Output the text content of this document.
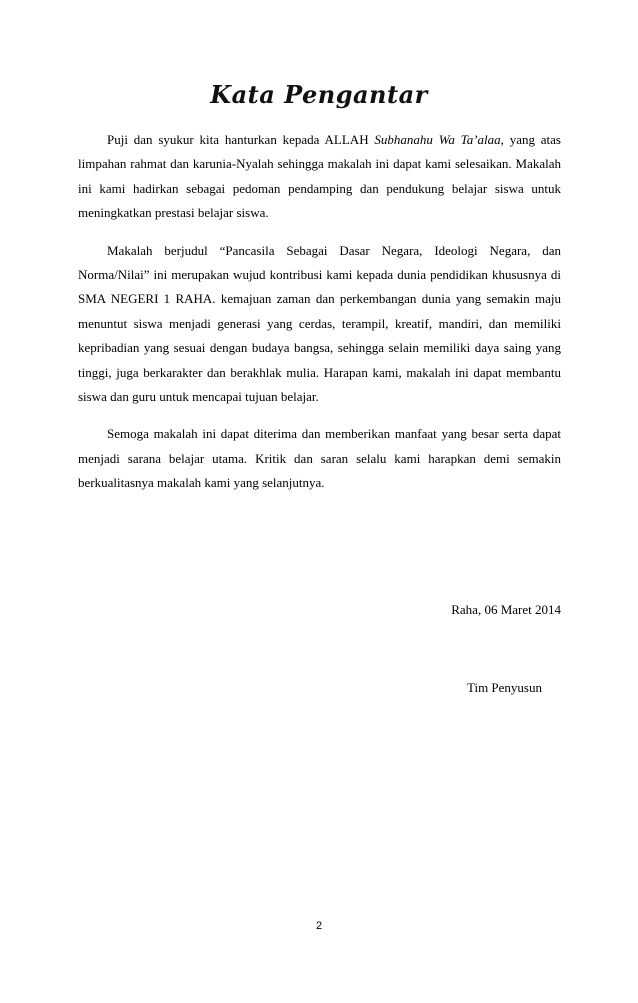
Kata Pengantar

Puji dan syukur kita hanturkan kepada ALLAH Subhanahu Wa Ta’alaa, yang atas limpahan rahmat dan karunia-Nyalah sehingga makalah ini dapat kami selesaikan. Makalah ini kami hadirkan sebagai pedoman pendamping dan pendukung belajar siswa untuk meningkatkan prestasi belajar siswa.

Makalah berjudul “Pancasila Sebagai Dasar Negara, Ideologi Negara, dan Norma/Nilai” ini merupakan wujud kontribusi kami kepada dunia pendidikan khususnya di SMA NEGERI 1 RAHA. kemajuan zaman dan perkembangan dunia yang semakin maju menuntut siswa menjadi generasi yang cerdas, terampil, kreatif, mandiri, dan memiliki kepribadian yang sesuai dengan budaya bangsa, sehingga selain memiliki daya saing yang tinggi, juga berkarakter dan berakhlak mulia. Harapan kami, makalah ini dapat membantu siswa dan guru untuk mencapai tujuan belajar.

Semoga makalah ini dapat diterima dan memberikan manfaat yang besar serta dapat menjadi sarana belajar utama. Kritik dan saran selalu kami harapkan demi semakin berkualitasnya makalah kami yang selanjutnya.

Raha, 06 Maret 2014
Tim Penyusun
2
